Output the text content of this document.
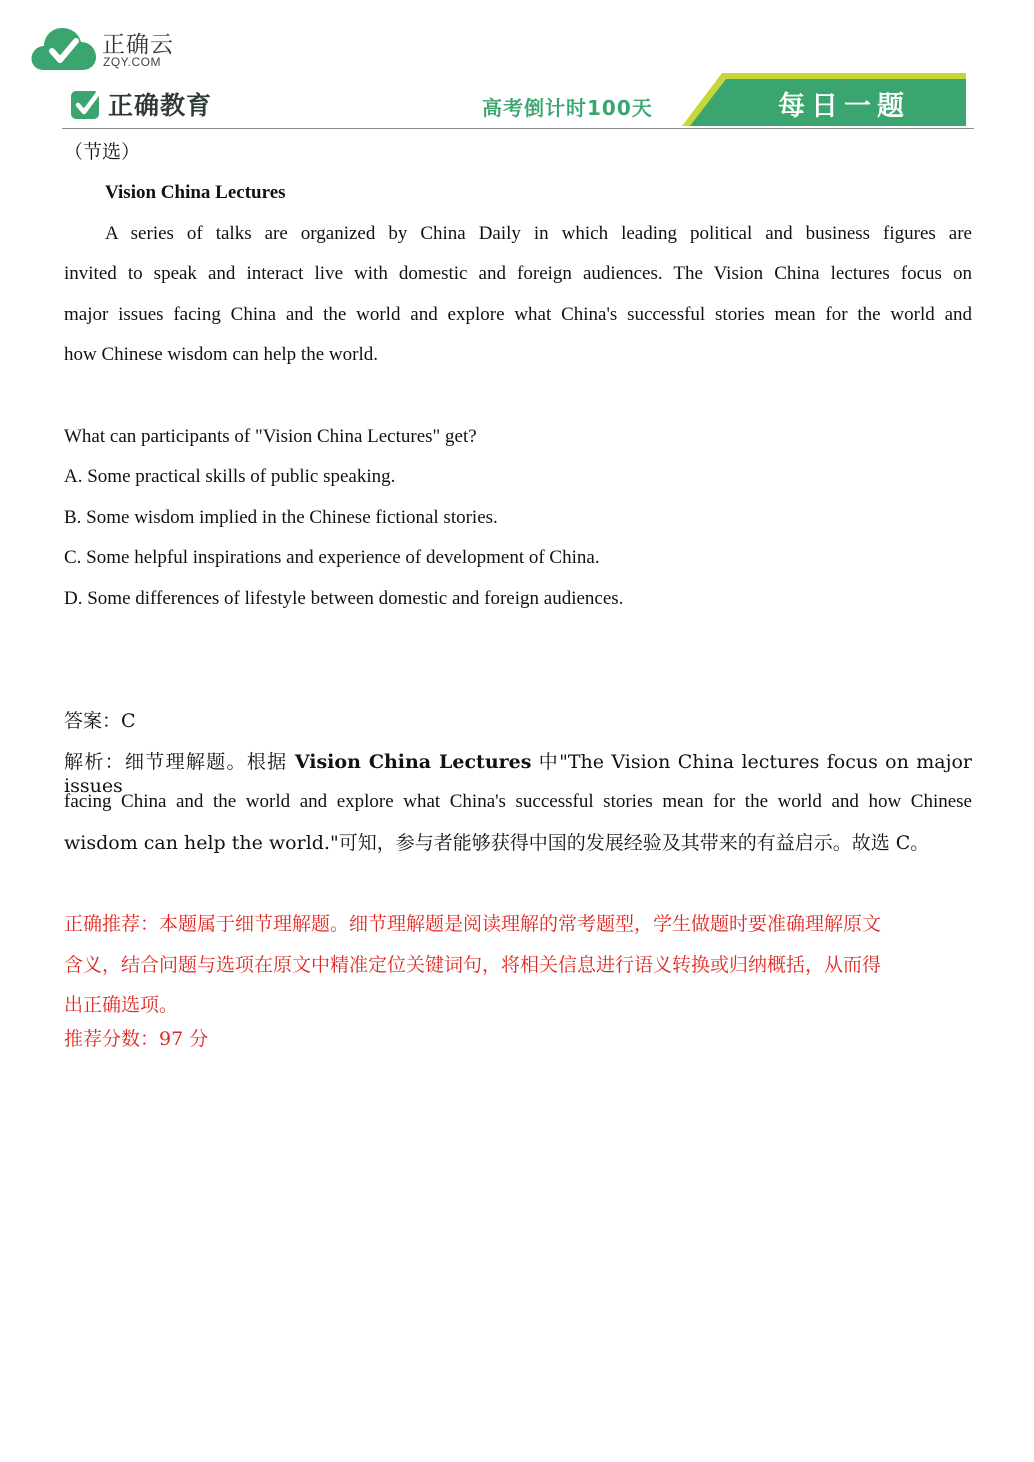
正确云
ZQY.COM
正确教育	高考倒计时100天	每日一题
（节选）
Vision China Lectures
A series of talks are organized by China Daily in which leading political and business figures are
invited to speak and interact live with domestic and foreign audiences. The Vision China lectures focus on
major issues facing China and the world and explore what China's successful stories mean for the world and
how Chinese wisdom can help the world.
What can participants of "Vision China Lectures" get?
A. Some practical skills of public speaking.
B. Some wisdom implied in the Chinese fictional stories.
C. Some helpful inspirations and experience of development of China.
D. Some differences of lifestyle between domestic and foreign audiences.
答案：C
解析：细节理解题。根据 Vision China Lectures 中"The Vision China lectures focus on major issues
facing China and the world and explore what China's successful stories mean for the world and how Chinese
wisdom can help the world."可知，参与者能够获得中国的发展经验及其带来的有益启示。故选 C。
正确推荐：本题属于细节理解题。细节理解题是阅读理解的常考题型，学生做题时要准确理解原文
含义，结合问题与选项在原文中精准定位关键词句，将相关信息进行语义转换或归纳概括，从而得
出正确选项。
推荐分数：97 分
